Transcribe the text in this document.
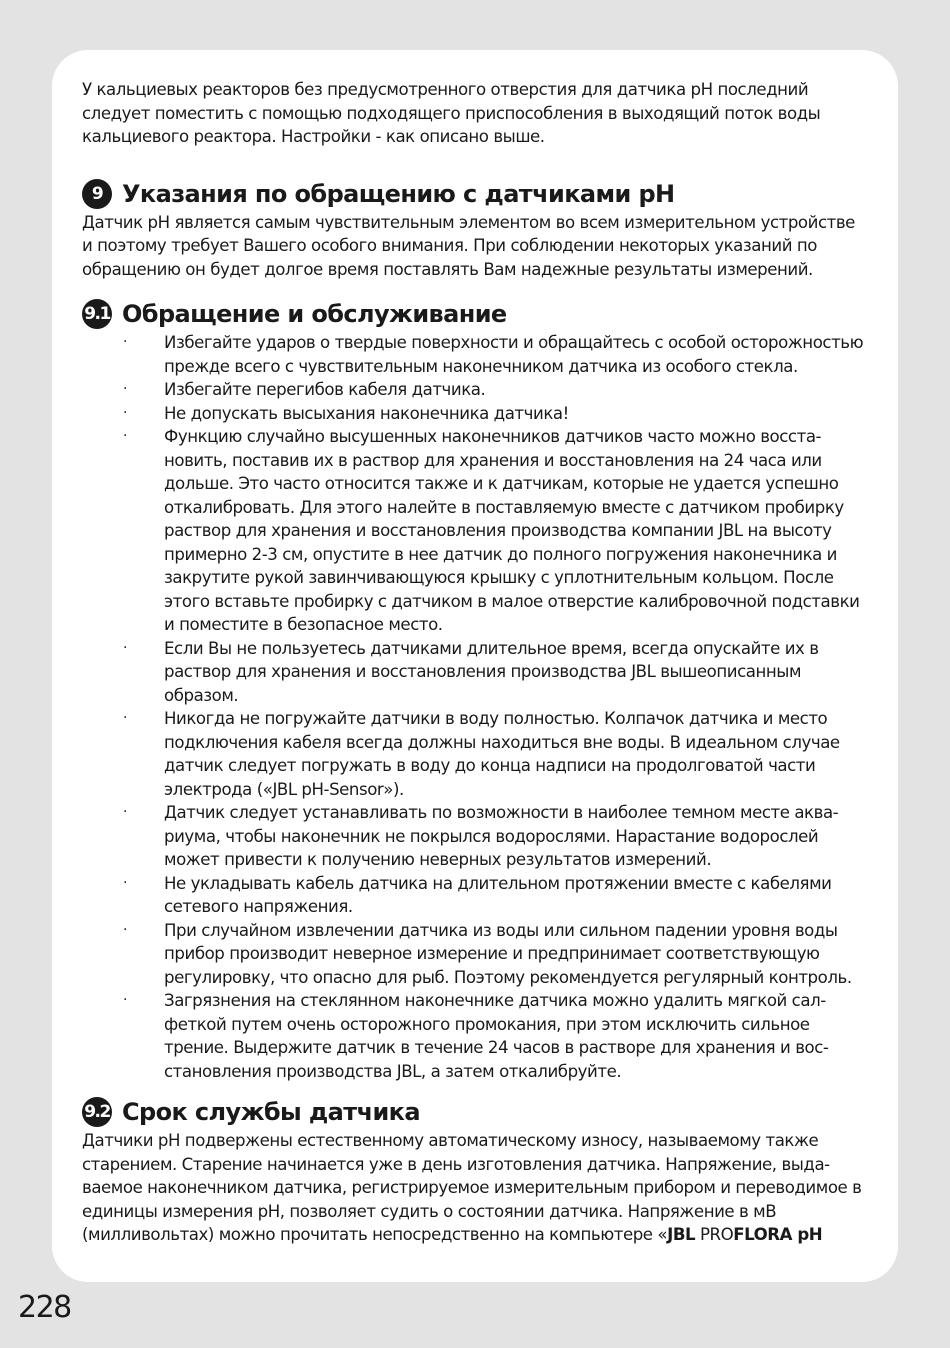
У кальциевых реакторов без предусмотренного отверстия для датчика pH последний следует поместить с помощью подходящего приспособления в выходящий поток воды кальциевого реактора. Настройки - как описано выше.

9 Указания по обращению с датчиками pH

Датчик pH является самым чувствительным элементом во всем измерительном устройстве и поэтому требует Вашего особого внимания. При соблюдении некоторых указаний по обращению он будет долгое время поставлять Вам надежные результаты измерений.

9.1 Обращение и обслуживание
· Избегайте ударов о твердые поверхности и обращайтесь с особой осторожностью прежде всего с чувствительным наконечником датчика из особого стекла.
· Избегайте перегибов кабеля датчика.
· Не допускать высыхания наконечника датчика!
· Функцию случайно высушенных наконечников датчиков часто можно восстановить, поставив их в раствор для хранения и восстановления на 24 часа или дольше. Это часто относится также и к датчикам, которые не удается успешно откалибровать. Для этого налейте в поставляемую вместе с датчиком пробирку раствор для хранения и восстановления производства компании JBL на высоту примерно 2-3 см, опустите в нее датчик до полного погружения наконечника и закрутите рукой завинчивающуюся крышку с уплотнительным кольцом. После этого вставьте пробирку с датчиком в малое отверстие калибровочной подставки и поместите в безопасное место.
· Если Вы не пользуетесь датчиками длительное время, всегда опускайте их в раствор для хранения и восстановления производства JBL вышеописанным образом.
· Никогда не погружайте датчики в воду полностью. Колпачок датчика и место подключения кабеля всегда должны находиться вне воды. В идеальном случае датчик следует погружать в воду до конца надписи на продолговатой части электрода («JBL pH-Sensor»).
· Датчик следует устанавливать по возможности в наиболее темном месте аквариума, чтобы наконечник не покрылся водорослями. Нарастание водорослей может привести к получению неверных результатов измерений.
· Не укладывать кабель датчика на длительном протяжении вместе с кабелями сетевого напряжения.
· При случайном извлечении датчика из воды или сильном падении уровня воды прибор производит неверное измерение и предпринимает соответствующую регулировку, что опасно для рыб. Поэтому рекомендуется регулярный контроль.
· Загрязнения на стеклянном наконечнике датчика можно удалить мягкой салфеткой путем очень осторожного промокания, при этом исключить сильное трение. Выдержите датчик в течение 24 часов в растворе для хранения и восстановления производства JBL, а затем откалибруйте.
9.2 Срок службы датчика

Датчики pH подвержены естественному автоматическому износу, называемому также старением. Старение начинается уже в день изготовления датчика. Напряжение, выдаваемое наконечником датчика, регистрируемое измерительным прибором и переводимое в единицы измерения pH, позволяет судить о состоянии датчика. Напряжение в мВ (милливольтах) можно прочитать непосредственно на компьютере «JBL PROFLORA pH

228
